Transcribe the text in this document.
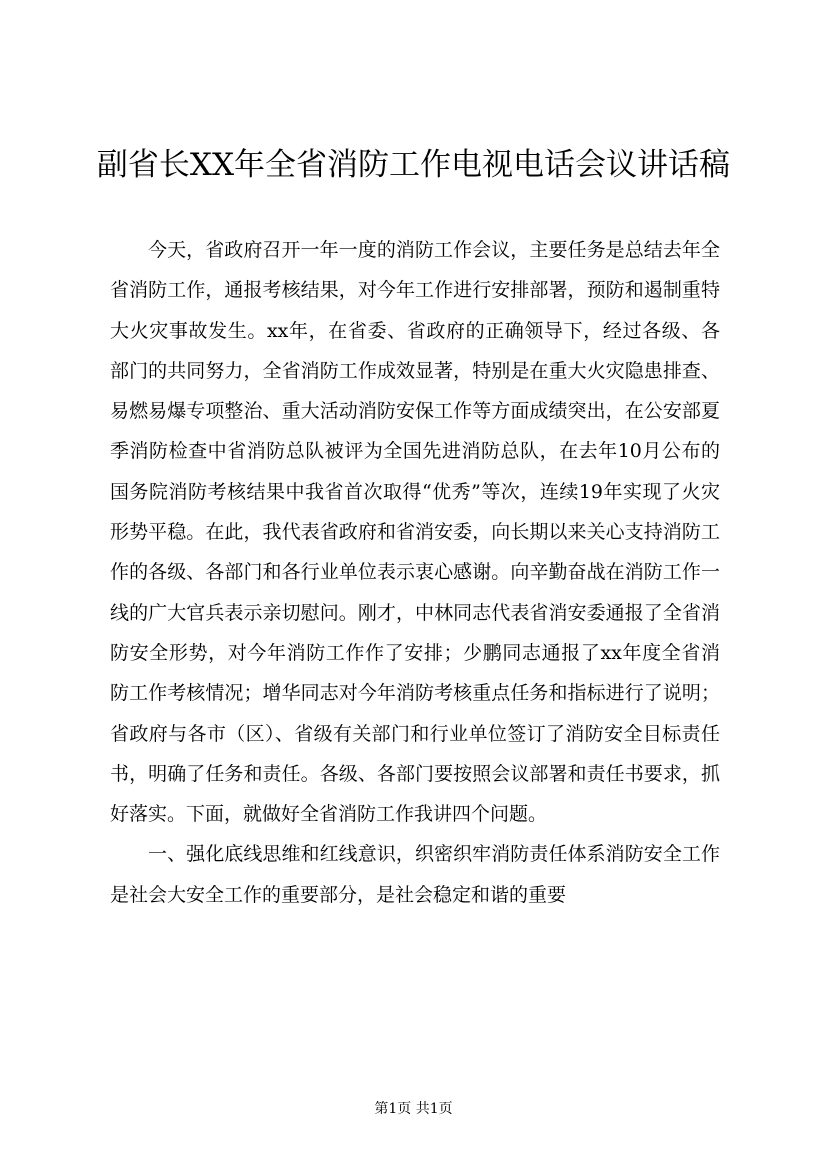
副省长XX年全省消防工作电视电话会议讲话稿

今天，省政府召开一年一度的消防工作会议，主要任务是总结去年全省消防工作，通报考核结果，对今年工作进行安排部署，预防和遏制重特大火灾事故发生。xx年，在省委、省政府的正确领导下，经过各级、各部门的共同努力，全省消防工作成效显著，特别是在重大火灾隐患排查、易燃易爆专项整治、重大活动消防安保工作等方面成绩突出，在公安部夏季消防检查中省消防总队被评为全国先进消防总队，在去年10月公布的国务院消防考核结果中我省首次取得“优秀”等次，连续19年实现了火灾形势平稳。在此，我代表省政府和省消安委，向长期以来关心支持消防工作的各级、各部门和各行业单位表示衷心感谢。向辛勤奋战在消防工作一线的广大官兵表示亲切慰问。刚才，中林同志代表省消安委通报了全省消防安全形势，对今年消防工作作了安排；少鹏同志通报了xx年度全省消防工作考核情况；增华同志对今年消防考核重点任务和指标进行了说明；省政府与各市（区）、省级有关部门和行业单位签订了消防安全目标责任书，明确了任务和责任。各级、各部门要按照会议部署和责任书要求，抓好落实。下面，就做好全省消防工作我讲四个问题。

一、强化底线思维和红线意识，织密织牢消防责任体系消防安全工作是社会大安全工作的重要部分，是社会稳定和谐的重要

第1页 共1页
